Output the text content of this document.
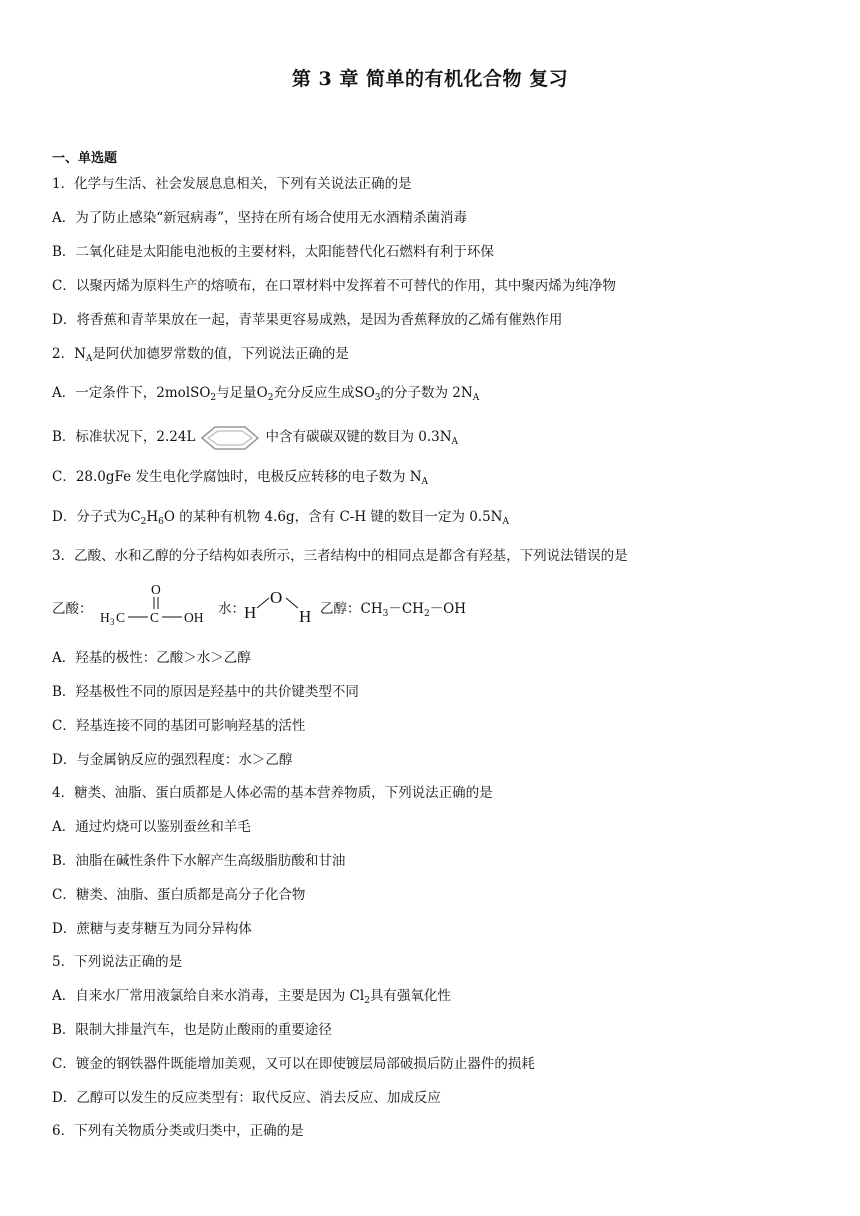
第 3 章 简单的有机化合物 复习
一、单选题
1．化学与生活、社会发展息息相关，下列有关说法正确的是
A．为了防止感染“新冠病毒”，坚持在所有场合使用无水酒精杀菌消毒
B．二氧化硅是太阳能电池板的主要材料，太阳能替代化石燃料有利于环保
C．以聚丙烯为原料生产的熔喷布，在口罩材料中发挥着不可替代的作用，其中聚丙烯为纯净物
D．将香蕉和青苹果放在一起，青苹果更容易成熟，是因为香蕉释放的乙烯有催熟作用
2．$N_A$是阿伏加德罗常数的值，下列说法正确的是
A．一定条件下，2molSO$_2$与足量$O_2$充分反应生成$SO_3$的分子数为 $2N_A$
B．标准状况下，2.24L	中含有碳碳双键的数目为 $0.3N_A$
C．28.0gFe 发生电化学腐蚀时，电极反应转移的电子数为 $N_A$
D．分子式为$C_2H_6O$ 的某种有机物 4.6g，含有 C-H 键的数目一定为 $0.5N_A$
3．乙酸、水和乙醇的分子结构如表所示，三者结构中的相同点是都含有羟基，下列说法错误的是
乙酸：
H 3 C C
O
OH
水： H
O
H 乙醇：$CH_3-CH_2-OH$
A．羟基的极性：乙酸＞水＞乙醇
B．羟基极性不同的原因是羟基中的共价键类型不同
C．羟基连接不同的基团可影响羟基的活性
D．与金属钠反应的强烈程度：水＞乙醇
4．糖类、油脂、蛋白质都是人体必需的基本营养物质，下列说法正确的是
A．通过灼烧可以鉴别蚕丝和羊毛
B．油脂在碱性条件下水解产生高级脂肪酸和甘油
C．糖类、油脂、蛋白质都是高分子化合物
D．蔗糖与麦芽糖互为同分异构体
5．下列说法正确的是
A．自来水厂常用液氯给自来水消毒，主要是因为 $Cl_2$具有强氧化性
B．限制大排量汽车，也是防止酸雨的重要途径
C．镀金的钢铁器件既能增加美观，又可以在即使镀层局部破损后防止器件的损耗
D．乙醇可以发生的反应类型有：取代反应、消去反应、加成反应
6．下列有关物质分类或归类中，正确的是
